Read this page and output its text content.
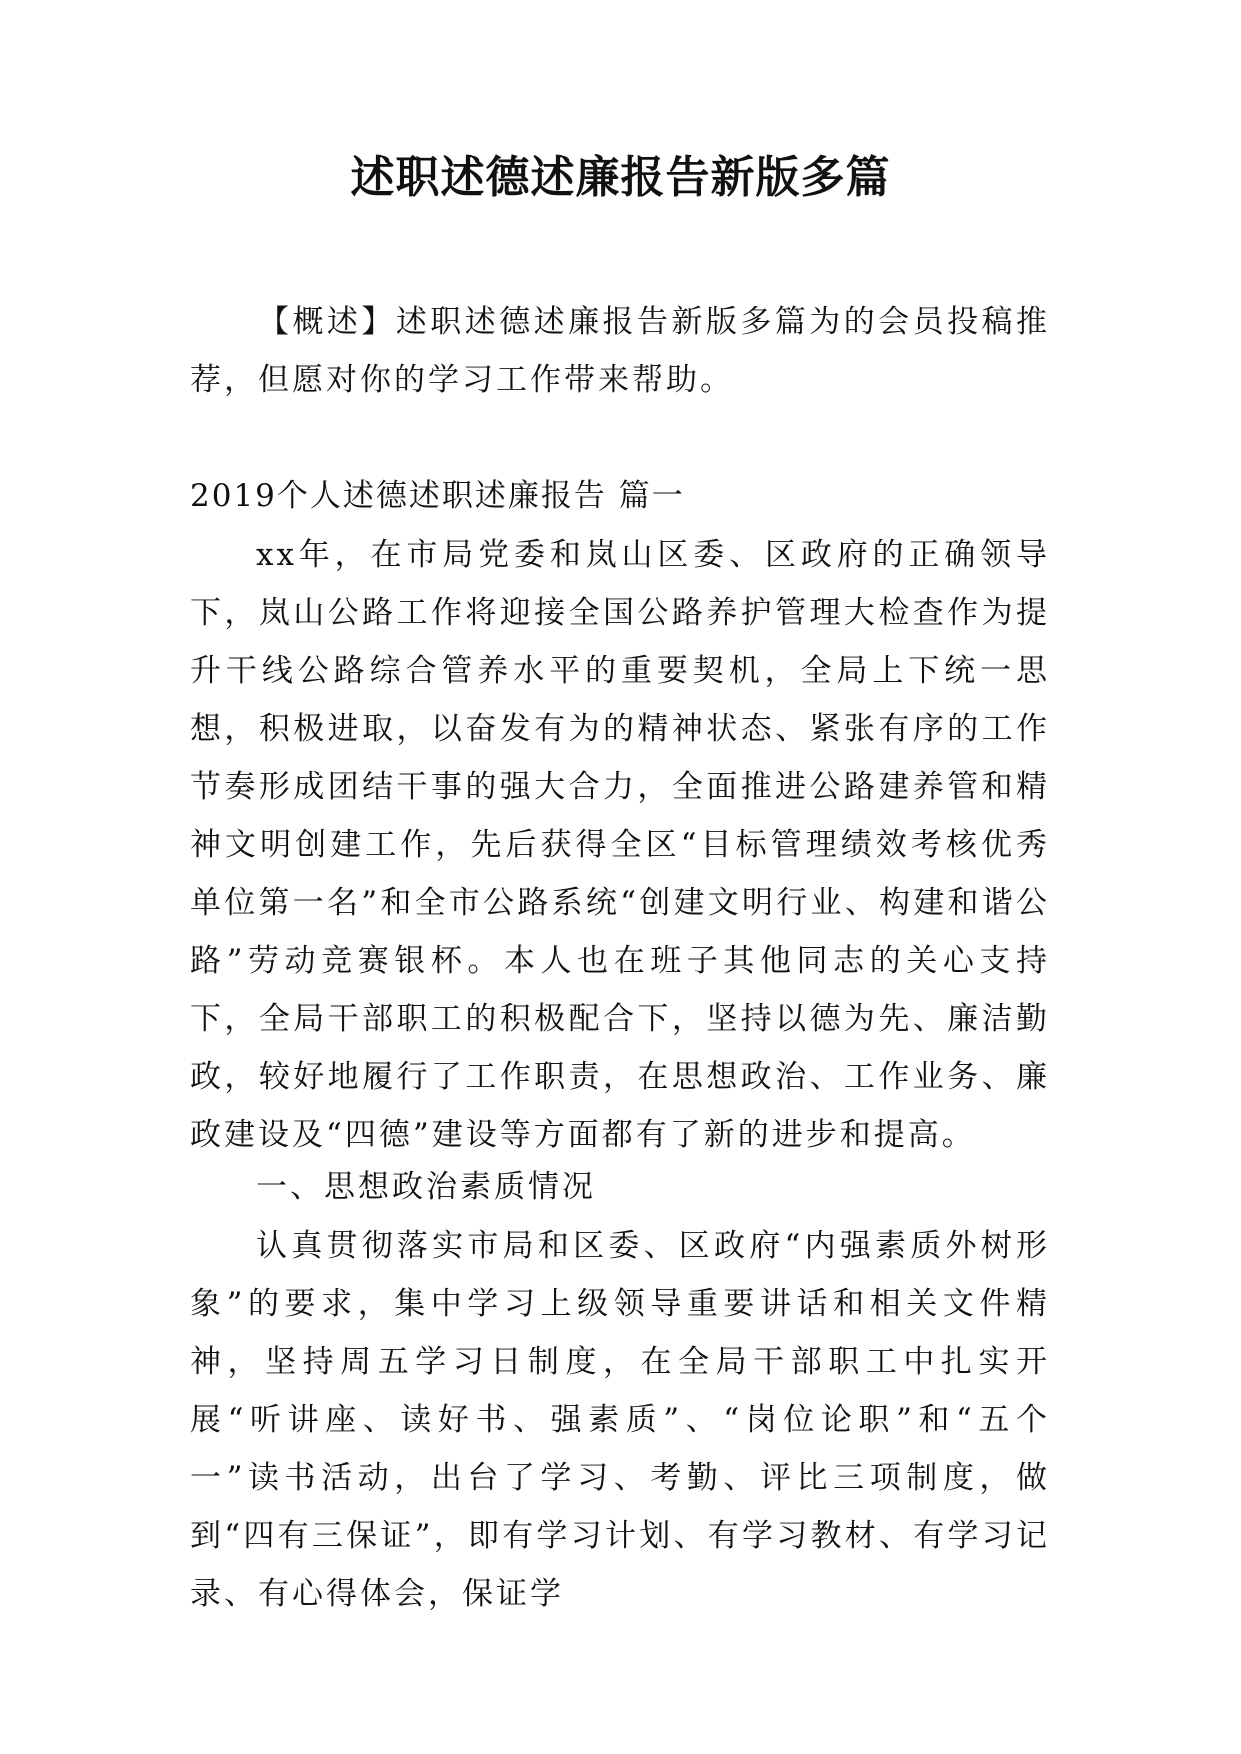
述职述德述廉报告新版多篇

【概述】述职述德述廉报告新版多篇为的会员投稿推荐，但愿对你的学习工作带来帮助。

2019个人述德述职述廉报告 篇一

xx年，在市局党委和岚山区委、区政府的正确领导下，岚山公路工作将迎接全国公路养护管理大检查作为提升干线公路综合管养水平的重要契机，全局上下统一思想，积极进取，以奋发有为的精神状态、紧张有序的工作节奏形成团结干事的强大合力，全面推进公路建养管和精神文明创建工作，先后获得全区“目标管理绩效考核优秀单位第一名”和全市公路系统“创建文明行业、构建和谐公路”劳动竞赛银杯。本人也在班子其他同志的关心支持下，全局干部职工的积极配合下，坚持以德为先、廉洁勤政，较好地履行了工作职责，在思想政治、工作业务、廉政建设及“四德”建设等方面都有了新的进步和提高。

一、思想政治素质情况

认真贯彻落实市局和区委、区政府“内强素质外树形象”的要求，集中学习上级领导重要讲话和相关文件精神，坚持周五学习日制度，在全局干部职工中扎实开展“听讲座、读好书、强素质”、“岗位论职”和“五个一”读书活动，出台了学习、考勤、评比三项制度，做到“四有三保证”，即有学习计划、有学习教材、有学习记录、有心得体会，保证学
